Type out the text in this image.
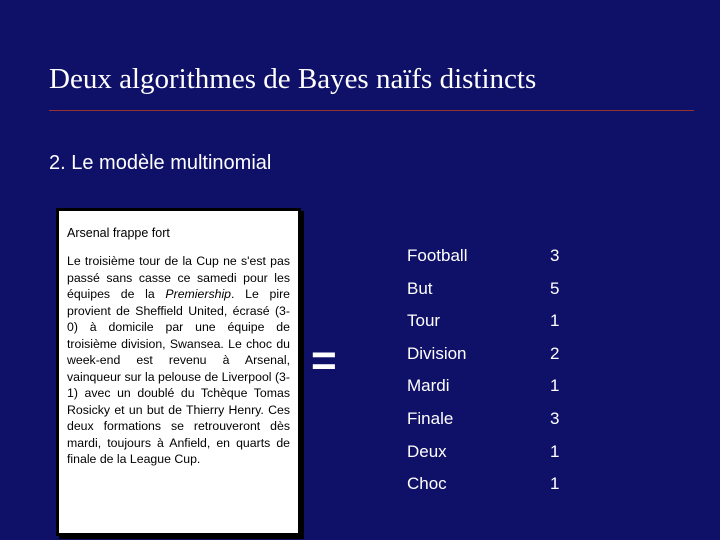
Deux algorithmes de Bayes naïfs distincts
2. Le modèle multinomial
Arsenal frappe fort

Le troisième tour de la Cup ne s'est pas passé sans casse ce samedi pour les équipes de la Premiership. Le pire provient de Sheffield United, écrasé (3-0) à domicile par une équipe de troisième division, Swansea. Le choc du week-end est revenu à Arsenal, vainqueur sur la pelouse de Liverpool (3-1) avec un doublé du Tchèque Tomas Rosicky et un but de Thierry Henry. Ces deux formations se retrouveront dès mardi, toujours à Anfield, en quarts de finale de la League Cup.

=
Football	3
But	5
Tour	1
Division	2
Mardi	1
Finale	3
Deux	1
Choc	1
